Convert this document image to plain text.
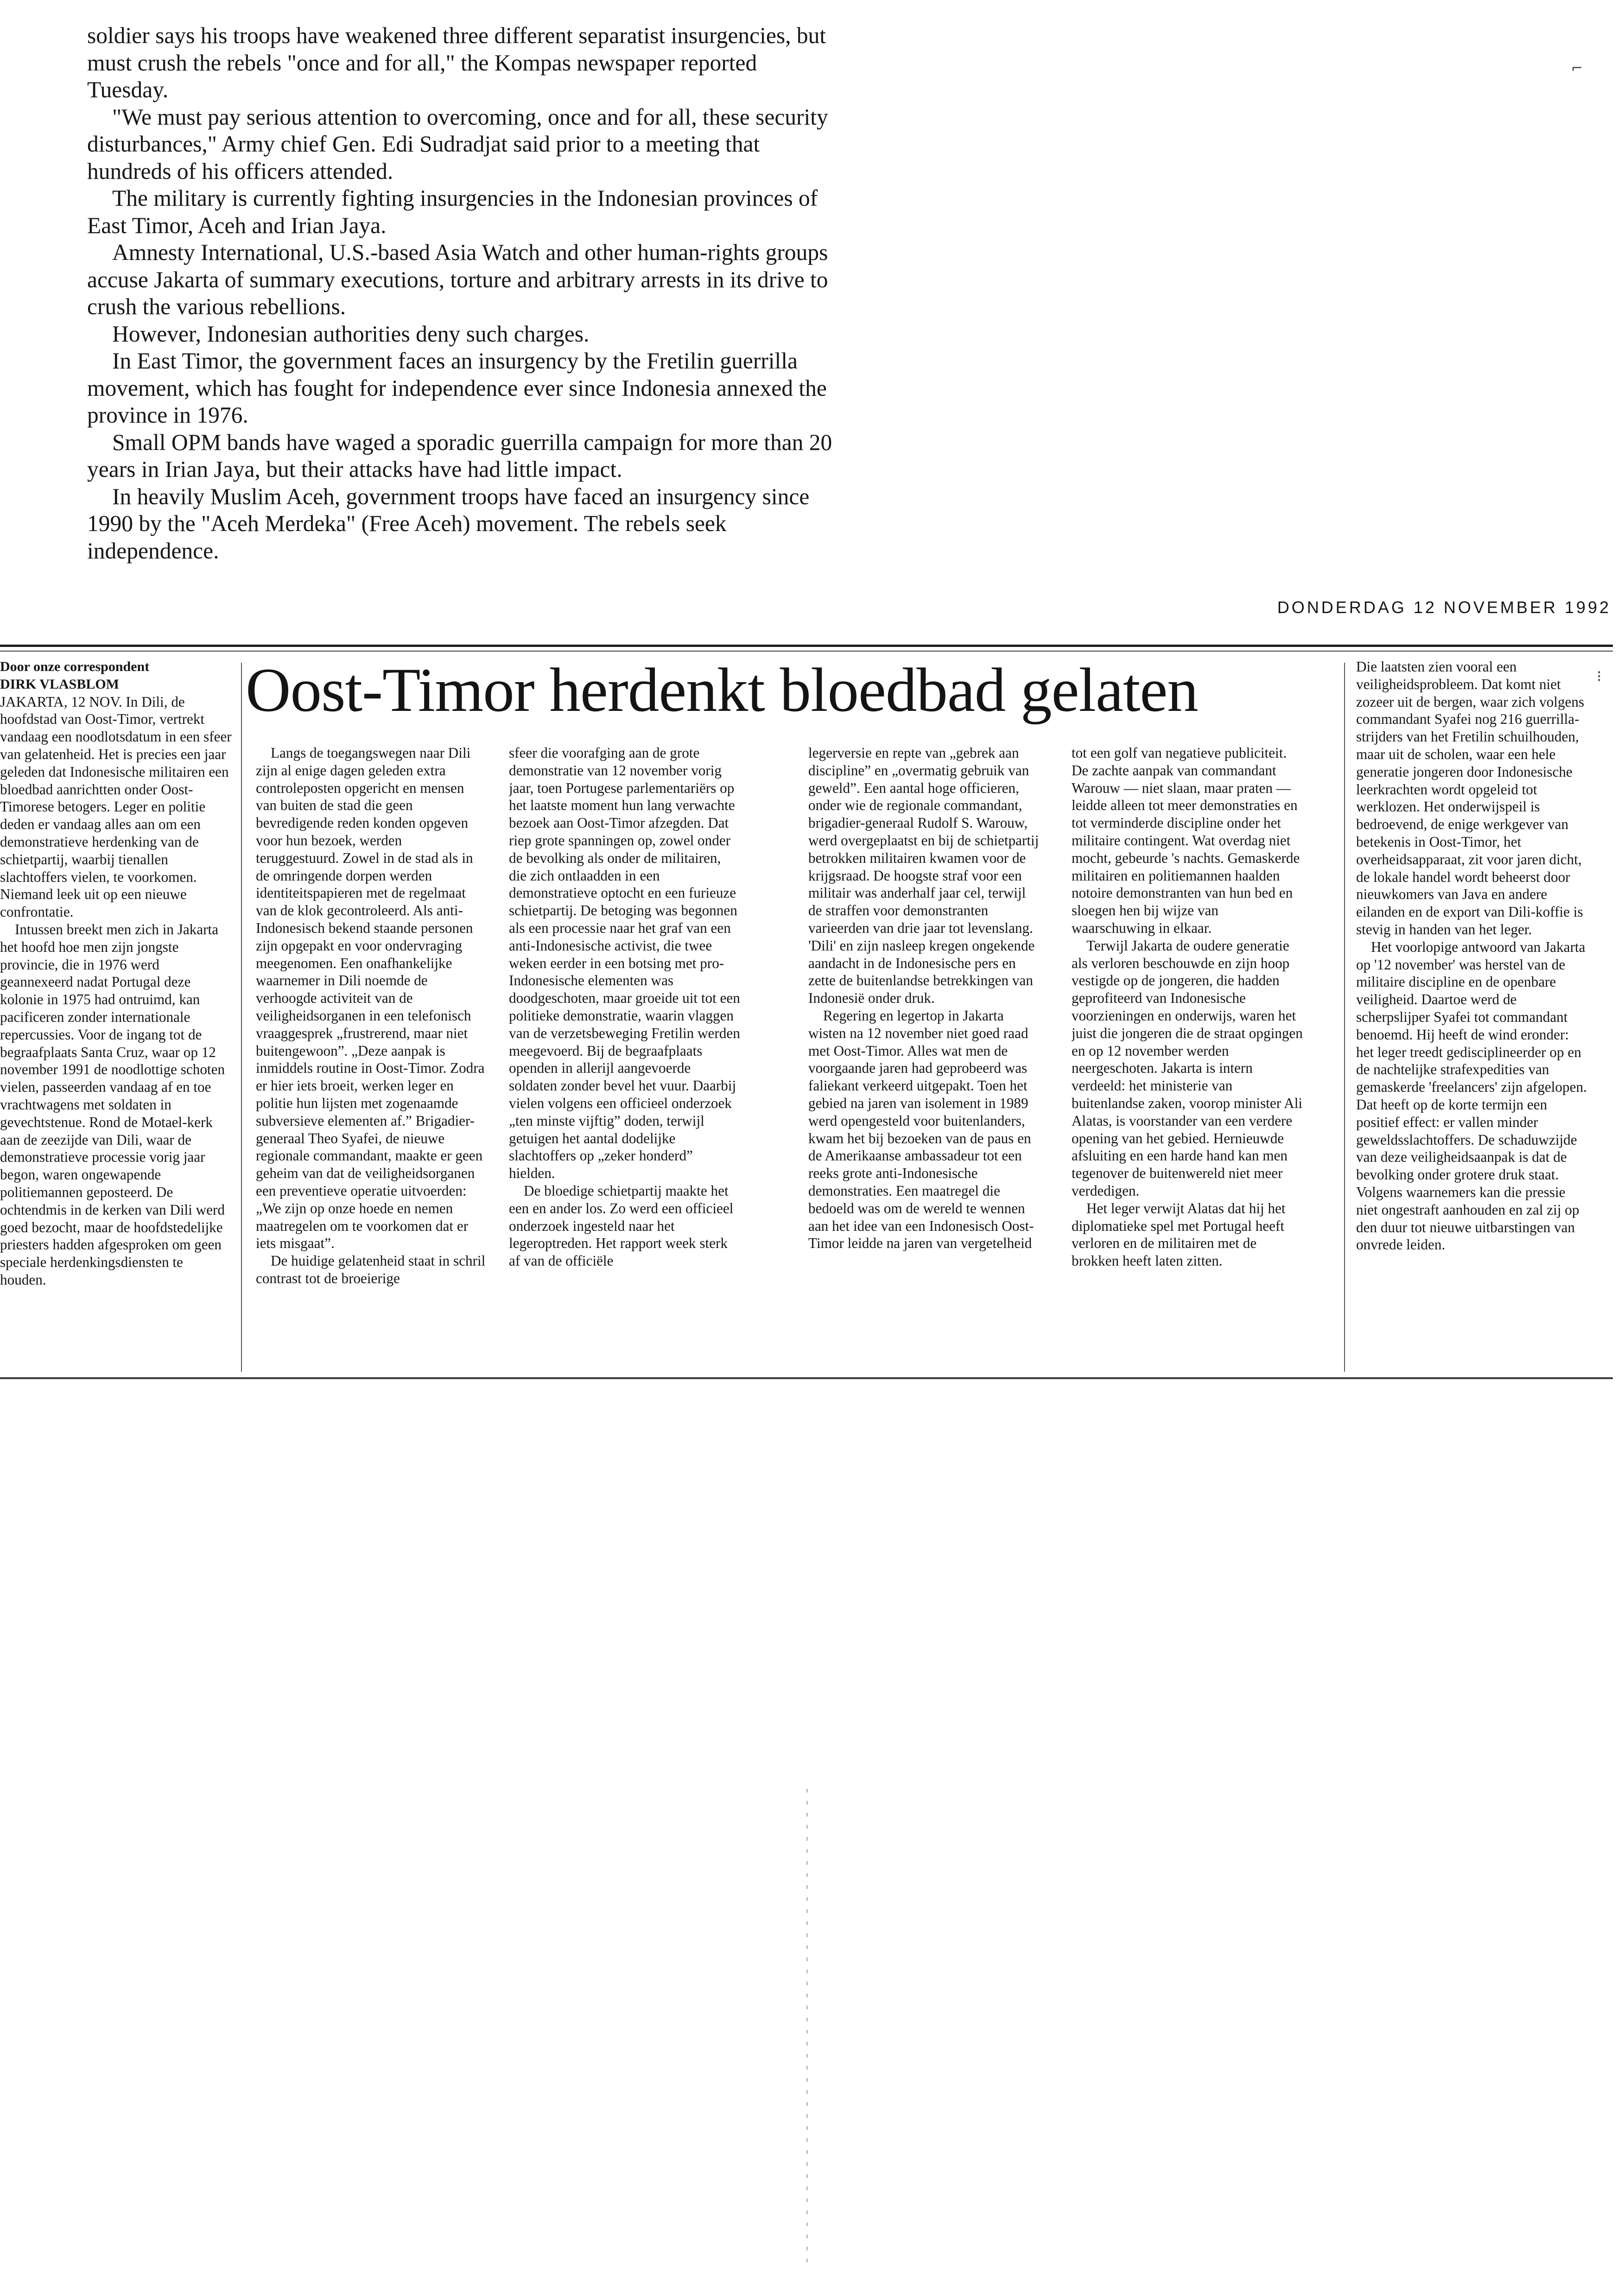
soldier says his troops have weakened three different separatist insurgencies, but must crush the rebels "once and for all," the Kompas newspaper reported Tuesday.

"We must pay serious attention to overcoming, once and for all, these security disturbances," Army chief Gen. Edi Sudradjat said prior to a meeting that hundreds of his officers attended.

The military is currently fighting insurgencies in the Indonesian provinces of East Timor, Aceh and Irian Jaya.

Amnesty International, U.S.-based Asia Watch and other human-rights groups accuse Jakarta of summary executions, torture and arbitrary arrests in its drive to crush the various rebellions.

However, Indonesian authorities deny such charges.

In East Timor, the government faces an insurgency by the Fretilin guerrilla movement, which has fought for independence ever since Indonesia annexed the province in 1976.

Small OPM bands have waged a sporadic guerrilla campaign for more than 20 years in Irian Jaya, but their attacks have had little impact.

In heavily Muslim Aceh, government troops have faced an insurgency since 1990 by the "Aceh Merdeka" (Free Aceh) movement. The rebels seek independence.

⌐
⁝
DONDERDAG 12 NOVEMBER 1992
Oost-Timor herdenkt bloedbad gelaten

Door onze correspondent

DIRK VLASBLOM

JAKARTA, 12 NOV. In Dili, de hoofdstad van Oost-Timor, vertrekt vandaag een noodlotsdatum in een sfeer van gelatenheid. Het is precies een jaar geleden dat Indonesische militairen een bloedbad aanrichtten onder Oost-Timorese betogers. Leger en politie deden er vandaag alles aan om een demonstratieve herdenking van de schietpartij, waarbij tienallen slachtoffers vielen, te voorkomen. Niemand leek uit op een nieuwe confrontatie.

Intussen breekt men zich in Jakarta het hoofd hoe men zijn jongste provincie, die in 1976 werd geannexeerd nadat Portugal deze kolonie in 1975 had ontruimd, kan pacificeren zonder internationale repercussies. Voor de ingang tot de begraafplaats Santa Cruz, waar op 12 november 1991 de noodlottige schoten vielen, passeerden vandaag af en toe vrachtwagens met soldaten in gevechtstenue. Rond de Motael-kerk aan de zeezijde van Dili, waar de demonstratieve processie vorig jaar begon, waren ongewapende politiemannen geposteerd. De ochtendmis in de kerken van Dili werd goed bezocht, maar de hoofdstedelijke priesters hadden afgesproken om geen speciale herdenkingsdiensten te houden.

Langs de toegangswegen naar Dili zijn al enige dagen geleden extra controleposten opgericht en mensen van buiten de stad die geen bevredigende reden konden opgeven voor hun bezoek, werden teruggestuurd. Zowel in de stad als in de omringende dorpen werden identiteitspapieren met de regelmaat van de klok gecontroleerd. Als anti-Indonesisch bekend staande personen zijn opgepakt en voor ondervraging meegenomen. Een onafhankelijke waarnemer in Dili noemde de verhoogde activiteit van de veiligheidsorganen in een telefonisch vraaggesprek „frustrerend, maar niet buitengewoon”. „Deze aanpak is inmiddels routine in Oost-Timor. Zodra er hier iets broeit, werken leger en politie hun lijsten met zogenaamde subversieve elementen af.” Brigadier-generaal Theo Syafei, de nieuwe regionale commandant, maakte er geen geheim van dat de veiligheidsorganen een preventieve operatie uitvoerden: „We zijn op onze hoede en nemen maatregelen om te voorkomen dat er iets misgaat”.

De huidige gelatenheid staat in schril contrast tot de broeierige

sfeer die voorafging aan de grote demonstratie van 12 november vorig jaar, toen Portugese parlementariërs op het laatste moment hun lang verwachte bezoek aan Oost-Timor afzegden. Dat riep grote spanningen op, zowel onder de bevolking als onder de militairen, die zich ontlaadden in een demonstratieve optocht en een furieuze schietpartij. De betoging was begonnen als een processie naar het graf van een anti-Indonesische activist, die twee weken eerder in een botsing met pro-Indonesische elementen was doodgeschoten, maar groeide uit tot een politieke demonstratie, waarin vlaggen van de verzetsbeweging Fretilin werden meegevoerd. Bij de begraafplaats openden in allerijl aangevoerde soldaten zonder bevel het vuur. Daarbij vielen volgens een officieel onderzoek „ten minste vijftig” doden, terwijl getuigen het aantal dodelijke slachtoffers op „zeker honderd” hielden.

De bloedige schietpartij maakte het een en ander los. Zo werd een officieel onderzoek ingesteld naar het legeroptreden. Het rapport week sterk af van de officiële

legerversie en repte van „gebrek aan discipline” en „overmatig gebruik van geweld”. Een aantal hoge officieren, onder wie de regionale commandant, brigadier-generaal Rudolf S. Warouw, werd overgeplaatst en bij de schietpartij betrokken militairen kwamen voor de krijgsraad. De hoogste straf voor een militair was anderhalf jaar cel, terwijl de straffen voor demonstranten varieerden van drie jaar tot levenslang. 'Dili' en zijn nasleep kregen ongekende aandacht in de Indonesische pers en zette de buitenlandse betrekkingen van Indonesië onder druk.

Regering en legertop in Jakarta wisten na 12 november niet goed raad met Oost-Timor. Alles wat men de voorgaande jaren had geprobeerd was faliekant verkeerd uitgepakt. Toen het gebied na jaren van isolement in 1989 werd opengesteld voor buitenlanders, kwam het bij bezoeken van de paus en de Amerikaanse ambassadeur tot een reeks grote anti-Indonesische demonstraties. Een maatregel die bedoeld was om de wereld te wennen aan het idee van een Indonesisch Oost-Timor leidde na jaren van vergetelheid

tot een golf van negatieve publiciteit. De zachte aanpak van commandant Warouw — niet slaan, maar praten — leidde alleen tot meer demonstraties en tot verminderde discipline onder het militaire contingent. Wat overdag niet mocht, gebeurde 's nachts. Gemaskerde militairen en politiemannen haalden notoire demonstranten van hun bed en sloegen hen bij wijze van waarschuwing in elkaar.

Terwijl Jakarta de oudere generatie als verloren beschouwde en zijn hoop vestigde op de jongeren, die hadden geprofiteerd van Indonesische voorzieningen en onderwijs, waren het juist die jongeren die de straat opgingen en op 12 november werden neergeschoten. Jakarta is intern verdeeld: het ministerie van buitenlandse zaken, voorop minister Ali Alatas, is voorstander van een verdere opening van het gebied. Hernieuwde afsluiting en een harde hand kan men tegenover de buitenwereld niet meer verdedigen.

Het leger verwijt Alatas dat hij het diplomatieke spel met Portugal heeft verloren en de militairen met de brokken heeft laten zitten.

Die laatsten zien vooral een veiligheidsprobleem. Dat komt niet zozeer uit de bergen, waar zich volgens commandant Syafei nog 216 guerrilla-strijders van het Fretilin schuilhouden, maar uit de scholen, waar een hele generatie jongeren door Indonesische leerkrachten wordt opgeleid tot werklozen. Het onderwijspeil is bedroevend, de enige werkgever van betekenis in Oost-Timor, het overheidsapparaat, zit voor jaren dicht, de lokale handel wordt beheerst door nieuwkomers van Java en andere eilanden en de export van Dili-koffie is stevig in handen van het leger.

Het voorlopige antwoord van Jakarta op '12 november' was herstel van de militaire discipline en de openbare veiligheid. Daartoe werd de scherpslijper Syafei tot commandant benoemd. Hij heeft de wind eronder: het leger treedt gedisciplineerder op en de nachtelijke strafexpedities van gemaskerde 'freelancers' zijn afgelopen. Dat heeft op de korte termijn een positief effect: er vallen minder geweldsslachtoffers. De schaduwzijde van deze veiligheidsaanpak is dat de bevolking onder grotere druk staat. Volgens waarnemers kan die pressie niet ongestraft aanhouden en zal zij op den duur tot nieuwe uitbarstingen van onvrede leiden.
